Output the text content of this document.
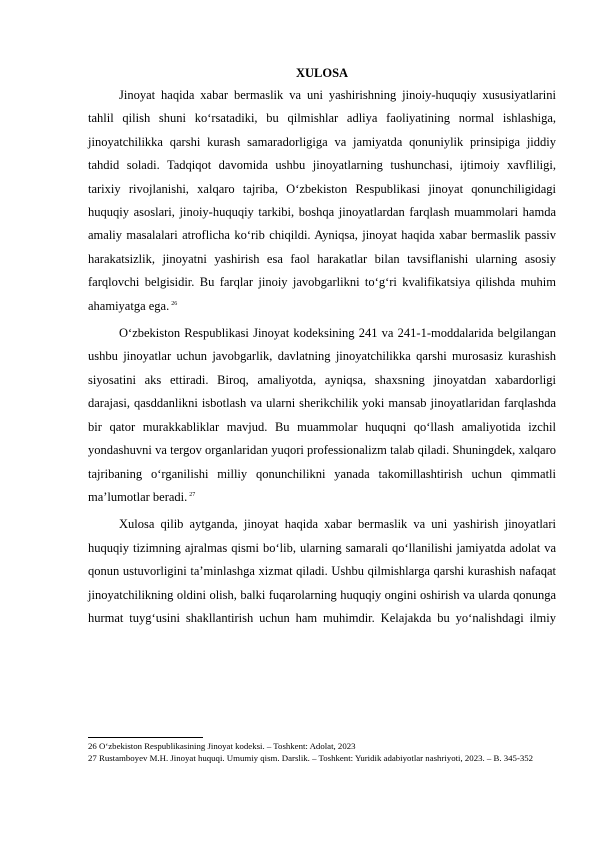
XULOSA

Jinoyat haqida xabar bermaslik va uni yashirishning jinoiy-huquqiy xususiyatlarini tahlil qilish shuni ko‘rsatadiki, bu qilmishlar adliya faoliyatining normal ishlashiga, jinoyatchilikka qarshi kurash samaradorligiga va jamiyatda qonuniylik prinsipiga jiddiy tahdid soladi. Tadqiqot davomida ushbu jinoyatlarning tushunchasi, ijtimoiy xavfliligi, tarixiy rivojlanishi, xalqaro tajriba, O‘zbekiston Respublikasi jinoyat qonunchiligidagi huquqiy asoslari, jinoiy-huquqiy tarkibi, boshqa jinoyatlardan farqlash muammolari hamda amaliy masalalari atroflicha ko‘rib chiqildi. Ayniqsa, jinoyat haqida xabar bermaslik passiv harakatsizlik, jinoyatni yashirish esa faol harakatlar bilan tavsiflanishi ularning asosiy farqlovchi belgisidir. Bu farqlar jinoiy javobgarlikni to‘g‘ri kvalifikatsiya qilishda muhim ahamiyatga ega. $^{26}$

O‘zbekiston Respublikasi Jinoyat kodeksining 241 va 241-1-moddalarida belgilangan ushbu jinoyatlar uchun javobgarlik, davlatning jinoyatchilikka qarshi murosasiz kurashish siyosatini aks ettiradi. Biroq, amaliyotda, ayniqsa, shaxsning jinoyatdan xabardorligi darajasi, qasddanlikni isbotlash va ularni sherikchilik yoki mansab jinoyatlaridan farqlashda bir qator murakkabliklar mavjud. Bu muammolar huquqni qo‘llash amaliyotida izchil yondashuvni va tergov organlaridan yuqori professionalizm talab qiladi. Shuningdek, xalqaro tajribaning o‘rganilishi milliy qonunchilikni yanada takomillashtirish uchun qimmatli ma’lumotlar beradi. $^{27}$

Xulosa qilib aytganda, jinoyat haqida xabar bermaslik va uni yashirish jinoyatlari huquqiy tizimning ajralmas qismi bo‘lib, ularning samarali qo‘llanilishi jamiyatda adolat va qonun ustuvorligini ta’minlashga xizmat qiladi. Ushbu qilmishlarga qarshi kurashish nafaqat jinoyatchilikning oldini olish, balki fuqarolarning huquqiy ongini oshirish va ularda qonunga hurmat tuyg‘usini shakllantirish uchun ham muhimdir. Kelajakda bu yo‘nalishdagi ilmiy

26 O‘zbekiston Respublikasining Jinoyat kodeksi. – Toshkent: Adolat, 2023

27 Rustamboyev M.H. Jinoyat huquqi. Umumiy qism. Darslik. – Toshkent: Yuridik adabiyotlar nashriyoti, 2023. – B. 345-352
